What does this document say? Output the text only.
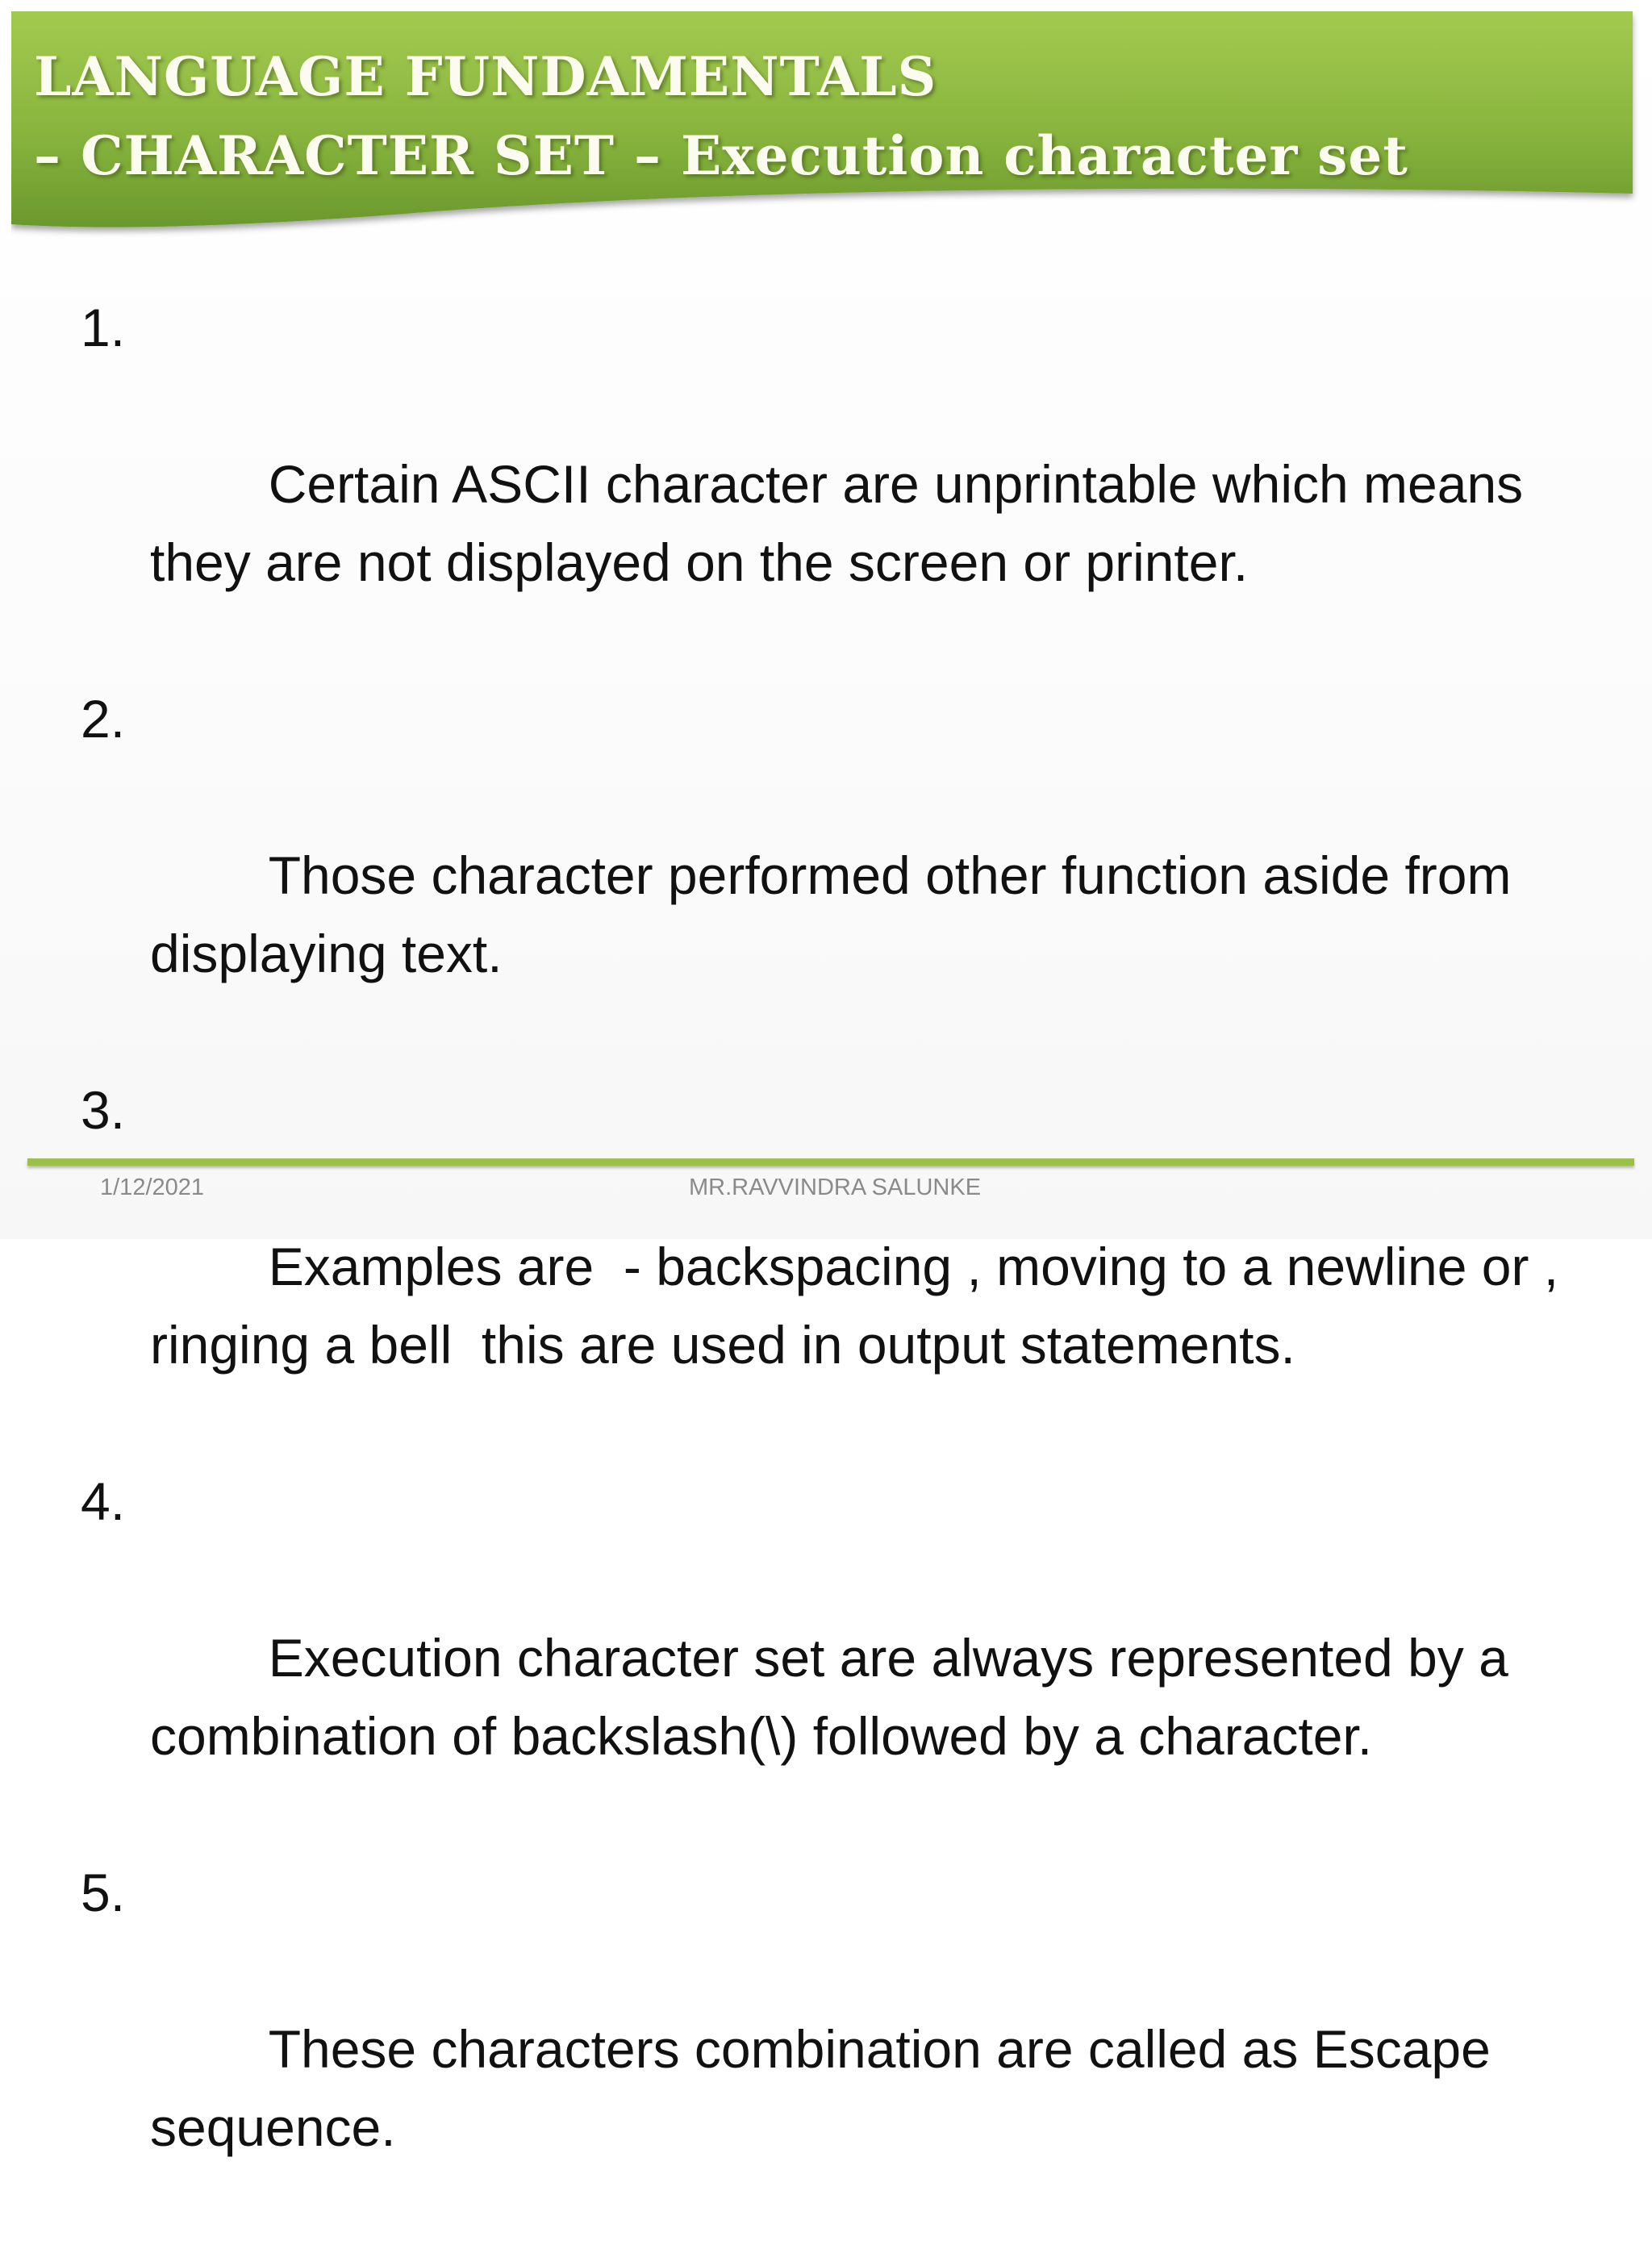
LANGUAGE FUNDAMENTALS
– CHARACTER SET – Execution character set

1.

Certain ASCII character are unprintable which means
they are not displayed on the screen or printer.

2.

Those character performed other function aside from
displaying text.

3.

Examples are  - backspacing , moving to a newline or ,
ringing a bell  this are used in output statements.

4.

Execution character set are always represented by a
combination of backslash(\) followed by a character.

5.

These characters combination are called as Escape
sequence.

1/12/2021	MR.RAVVINDRA SALUNKE
